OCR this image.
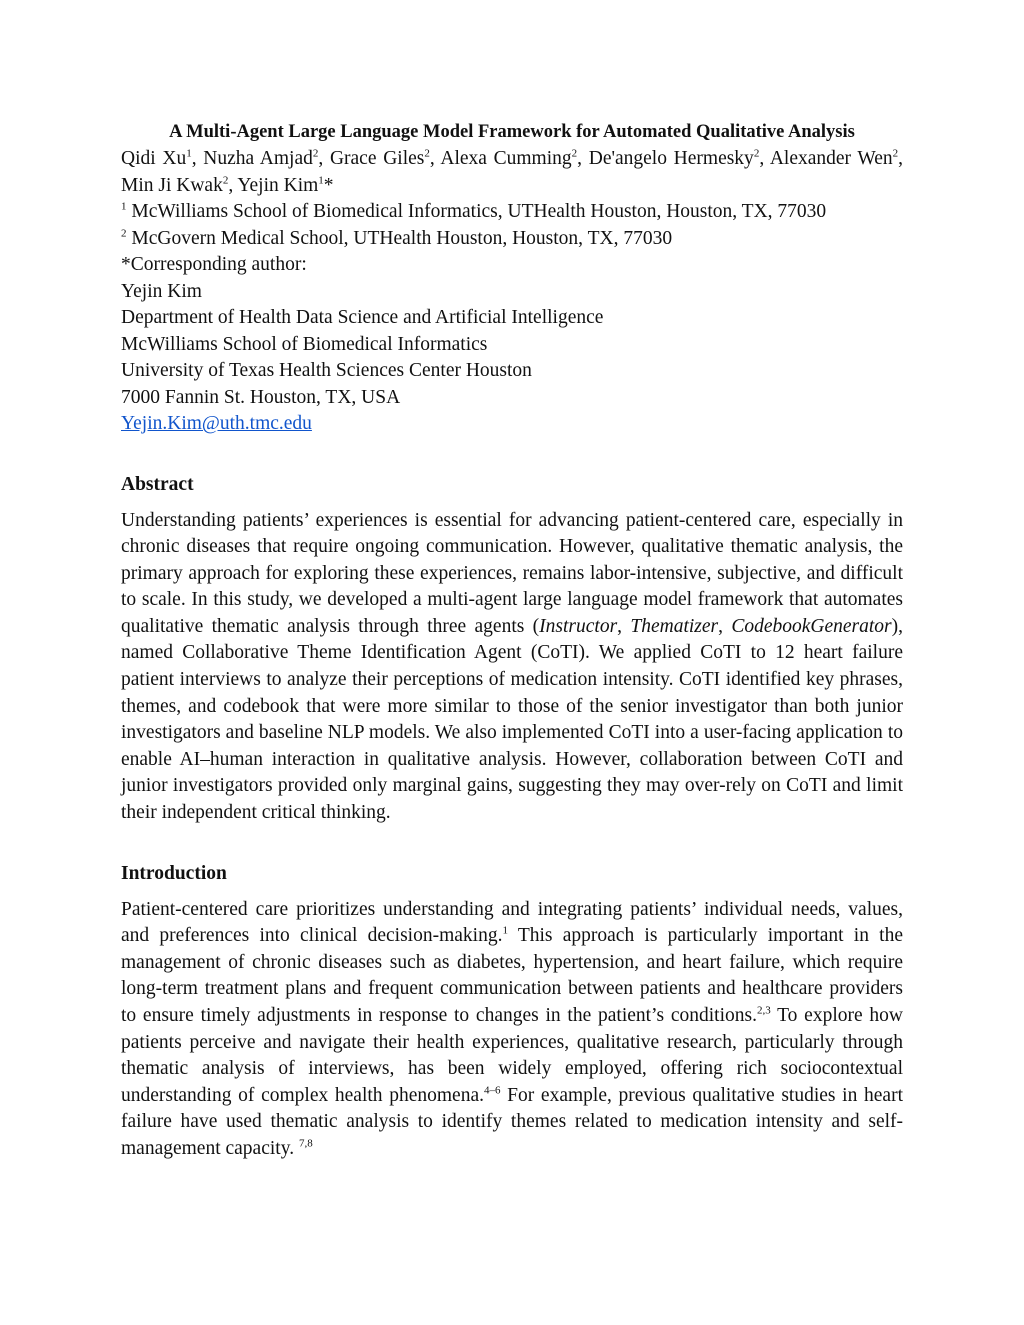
A Multi-Agent Large Language Model Framework for Automated Qualitative Analysis

Qidi Xu$^1$, Nuzha Amjad$^2$, Grace Giles$^2$, Alexa Cumming$^2$, De'angelo Hermesky$^2$, Alexander Wen$^2$, Min Ji Kwak$^2$, Yejin Kim$^1$*

$^1$ McWilliams School of Biomedical Informatics, UTHealth Houston, Houston, TX, 77030

$^2$ McGovern Medical School, UTHealth Houston, Houston, TX, 77030

*Corresponding author:

Yejin Kim

Department of Health Data Science and Artificial Intelligence

McWilliams School of Biomedical Informatics

University of Texas Health Sciences Center Houston

7000 Fannin St. Houston, TX, USA

Yejin.Kim@uth.tmc.edu

Abstract

Understanding patients’ experiences is essential for advancing patient-centered care, especially in chronic diseases that require ongoing communication. However, qualitative thematic analysis, the primary approach for exploring these experiences, remains labor-intensive, subjective, and difficult to scale. In this study, we developed a multi-agent large language model framework that automates qualitative thematic analysis through three agents (Instructor, Thematizer, CodebookGenerator), named Collaborative Theme Identification Agent (CoTI). We applied CoTI to 12 heart failure patient interviews to analyze their perceptions of medication intensity. CoTI identified key phrases, themes, and codebook that were more similar to those of the senior investigator than both junior investigators and baseline NLP models. We also implemented CoTI into a user-facing application to enable AI–human interaction in qualitative analysis. However, collaboration between CoTI and junior investigators provided only marginal gains, suggesting they may over-rely on CoTI and limit their independent critical thinking.

Introduction

Patient-centered care prioritizes understanding and integrating patients’ individual needs, values, and preferences into clinical decision-making.$^1$ This approach is particularly important in the management of chronic diseases such as diabetes, hypertension, and heart failure, which require long-term treatment plans and frequent communication between patients and healthcare providers to ensure timely adjustments in response to changes in the patient’s conditions.$^{2,3}$ To explore how patients perceive and navigate their health experiences, qualitative research, particularly through thematic analysis of interviews, has been widely employed, offering rich sociocontextual understanding of complex health phenomena.$^{4-6}$ For example, previous qualitative studies in heart failure have used thematic analysis to identify themes related to medication intensity and self-management capacity. $^{7,8}$
